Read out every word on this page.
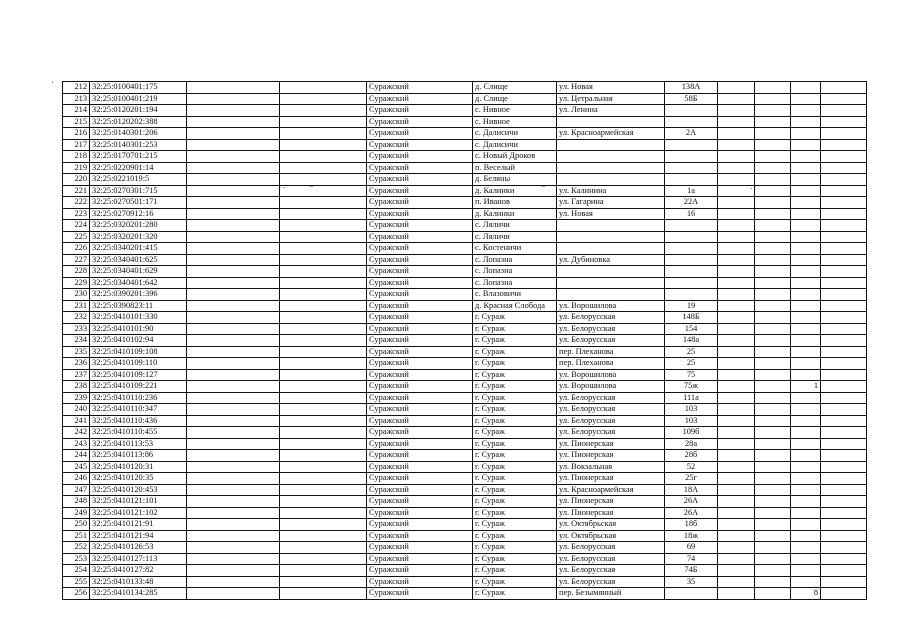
212	32:25:0100401:175			Суражский	д. Слище	ул. Новая	138А				
213	32:25:0100401:219			Суражский	д. Слище	ул. Цетральная	58Б				
214	32:25:0120201:194			Суражский	с. Нивное	ул. Ленина					
215	32:25:0120202:388			Суражский	с. Нивное						
216	32:25:0140301:206			Суражский	с. Далисичи	ул. Красноармейская	2А				
217	32:25:0140301:253			Суражский	с. Далисичи						
218	32:25:0170701:215			Суражский	с. Новый Дроков						
219	32:25:0220901:14			Суражский	п. Веселый						
220	32:25:0221019:5			Суражский	д. Беляны						
221	32:25:0270301:715			Суражский	д. Калинки	ул. Калинина	1а				
222	32:25:0270501:171			Суражский	п. Иванов	ул. Гагарина	22А				
223	32:25:0270912:16			Суражский	д. Калинки	ул. Новая	16				
224	32:25:0320201:280			Суражский	с. Ляличи						
225	32:25:0320201:320			Суражский	с. Ляличи						
226	32:25:0340201:415			Суражский	с. Костеничи						
227	32:25:0340401:625			Суражский	с. Лопазна	ул. Дубиновка					
228	32:25:0340401:629			Суражский	с. Лопазна						
229	32:25:0340401:642			Суражский	с. Лопазна						
230	32:25:0390201:396			Суражский	с. Влазовичи						
231	32:25:0390823:11			Суражский	д. Красная Слобода	ул. Ворошилова	19				
232	32:25:0410101:330			Суражский	г. Сураж	ул. Белорусская	148Б				
233	32:25:0410101:90			Суражский	г. Сураж	ул. Белорусская	154				
234	32:25:0410102:94			Суражский	г. Сураж	ул. Белорусская	148а				
235	32:25:0410109:108			Суражский	г. Сураж	пер. Плеханова	25				
236	32:25:0410109:110			Суражский	г. Сураж	пер. Плеханова	25				
237	32:25:0410109:127			Суражский	г. Сураж	ул. Ворошилова	75				
238	32:25:0410109:221			Суражский	г. Сураж	ул. Ворошилова	75ж			1	
239	32:25:0410110:236			Суражский	г. Сураж	ул. Белорусская	111а				
240	32:25:0410110:347			Суражский	г. Сураж	ул. Белорусская	103				
241	32:25:0410110:436			Суражский	г. Сураж	ул. Белорусская	103				
242	32:25:0410110:455			Суражский	г. Сураж	ул. Белорусская	109б				
243	32:25:0410113:53			Суражский	г. Сураж	ул. Пионерская	28а				
244	32:25:0410113:86			Суражский	г. Сураж	ул. Пионерская	28б				
245	32:25:0410120:31			Суражский	г. Сураж	ул. Вокзальная	52				
246	32:25:0410120:35			Суражский	г. Сураж	ул. Пионерская	25г				
247	32:25:0410120:453			Суражский	г. Сураж	ул. Красноармейская	18А				
248	32:25:0410121:101			Суражский	г. Сураж	ул. Пионерская	26А				
249	32:25:0410121:102			Суражский	г. Сураж	ул. Пионерская	26А				
250	32:25:0410121:91			Суражский	г. Сураж	ул. Октябрьская	18б				
251	32:25:0410121:94			Суражский	г. Сураж	ул. Октябрьская	18ж				
252	32:25:0410126:53			Суражский	г. Сураж	ул. Белорусская	69				
253	32:25:0410127:113			Суражский	г. Сураж	ул. Белорусская	74				
254	32:25:0410127:82			Суражский	г. Сураж	ул. Белорусская	74Б				
255	32:25:0410133:48			Суражский	г. Сураж	ул. Белорусская	35				
256	32:25:0410134:285			Суражский	г. Сураж	пер. Безымянный				8	
'
. .	~	~	. ·
